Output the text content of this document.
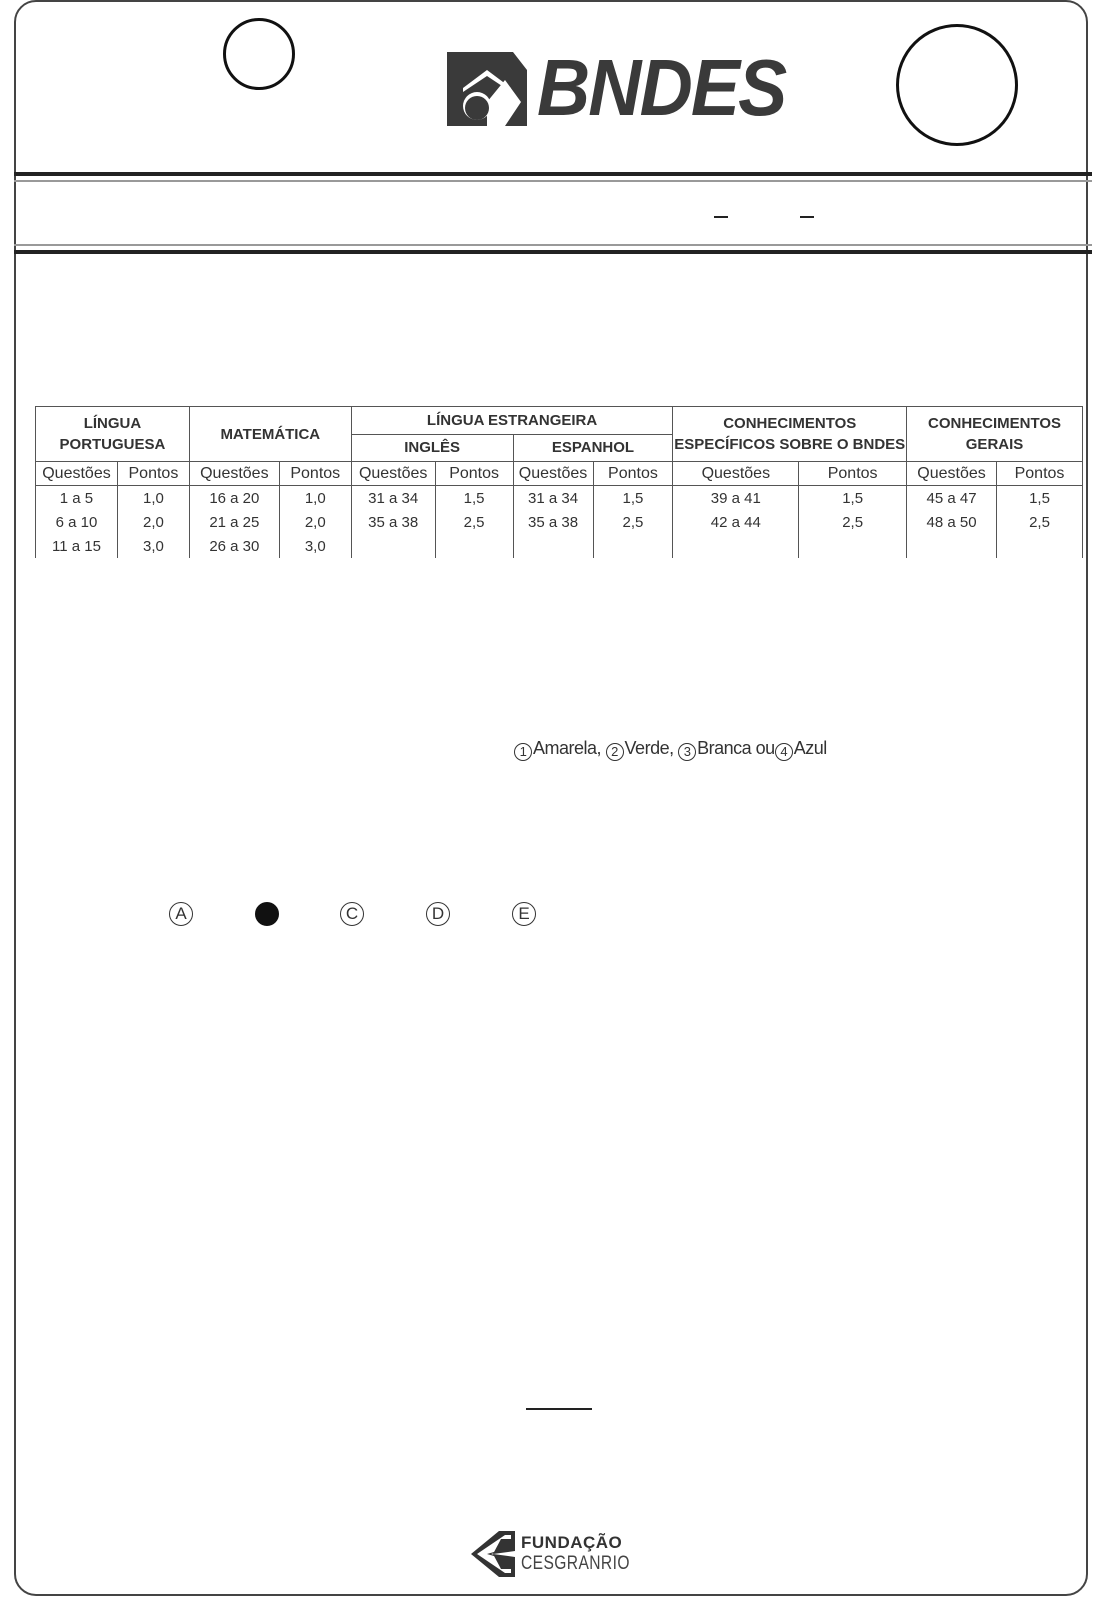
BNDES
LÍNGUA PORTUGUESA		MATEMÁTICA		LÍNGUA ESTRANGEIRA				CONHECIMENTOS ESPECÍFICOS SOBRE O BNDES		CONHECIMENTOS GERAIS	
				INGLÊS		ESPANHOL					
Questões	Pontos	Questões	Pontos	Questões	Pontos	Questões	Pontos	Questões	Pontos	Questões	Pontos
1 a 5	1,0	16 a 20	1,0	31 a 34	1,5	31 a 34	1,5	39 a 41	1,5	45 a 47	1,5
6 a 10	2,0	21 a 25	2,0	35 a 38	2,5	35 a 38	2,5	42 a 44	2,5	48 a 50	2,5
11 a 15	3,0	26 a 30	3,0								
1 Amarela, 2 Verde, 3 Branca ou 4 Azul
A	C	D	E
FUNDAÇÃO
CESGRANRIO
